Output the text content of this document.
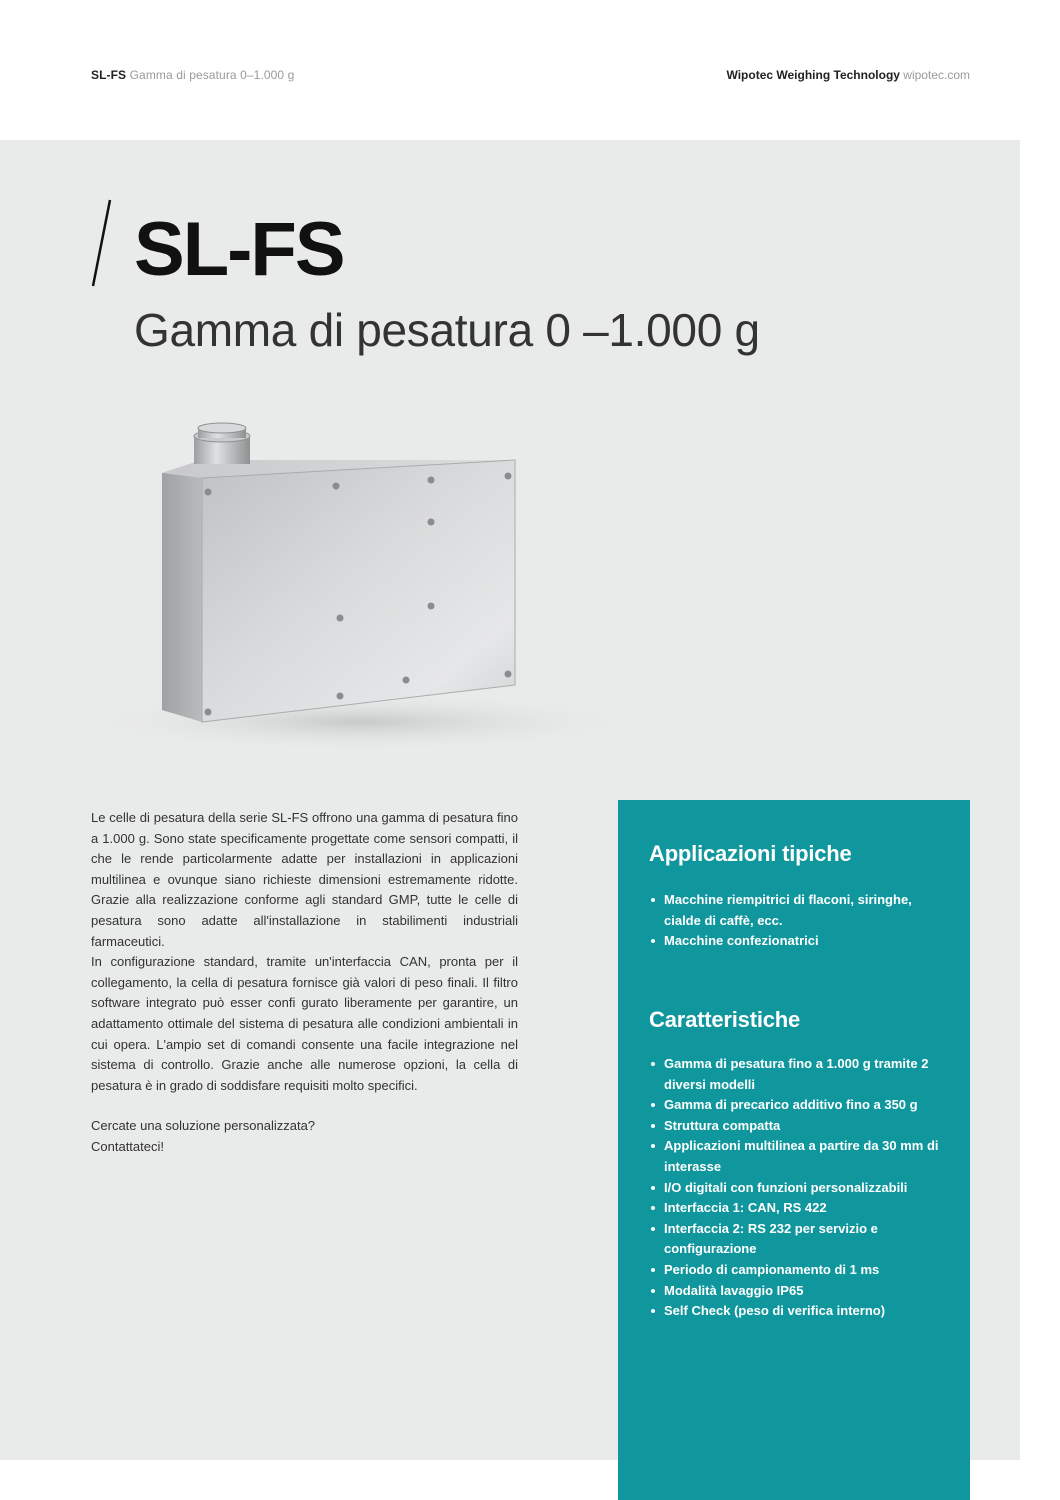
SL-FS Gamma di pesatura 0–1.000 g	Wipotec Weighing Technology wipotec.com
SL-FS
Gamma di pesatura 0 –1.000 g

Le celle di pesatura della serie SL-FS offrono una gamma di pesatura fino a 1.000 g. Sono state specificamente progettate come sensori compatti, il che le rende particolarmente adatte per installazioni in applicazioni multilinea e ovunque siano richieste dimensioni estremamente ridotte. Grazie alla realizzazione conforme agli standard GMP, tutte le celle di pesatura sono adatte all'installazione in stabilimenti industriali farmaceutici.

In configurazione standard, tramite un'interfaccia CAN, pronta per il collegamento, la cella di pesatura fornisce già valori di peso finali. Il filtro software integrato può esser confi gurato liberamente per garantire, un adattamento ottimale del sistema di pesatura alle condizioni ambientali in cui opera. L'ampio set di comandi consente una facile integrazione nel sistema di controllo. Grazie anche alle numerose opzioni, la cella di pesatura è in grado di soddisfare requisiti molto specifici.

Cercate una soluzione personalizzata?
Contattateci!

Applicazioni tipiche
Macchine riempitrici di flaconi, siringhe, cialde di caffè, ecc.
Macchine confezionatrici
Caratteristiche
Gamma di pesatura fino a 1.000 g tramite 2 diversi modelli
Gamma di precarico additivo fino a 350 g
Struttura compatta
Applicazioni multilinea a partire da 30 mm di interasse
I/O digitali con funzioni personalizzabili
Interfaccia 1: CAN, RS 422
Interfaccia 2: RS 232 per servizio e configurazione
Periodo di campionamento di 1 ms
Modalità lavaggio IP65
Self Check (peso di verifica interno)
